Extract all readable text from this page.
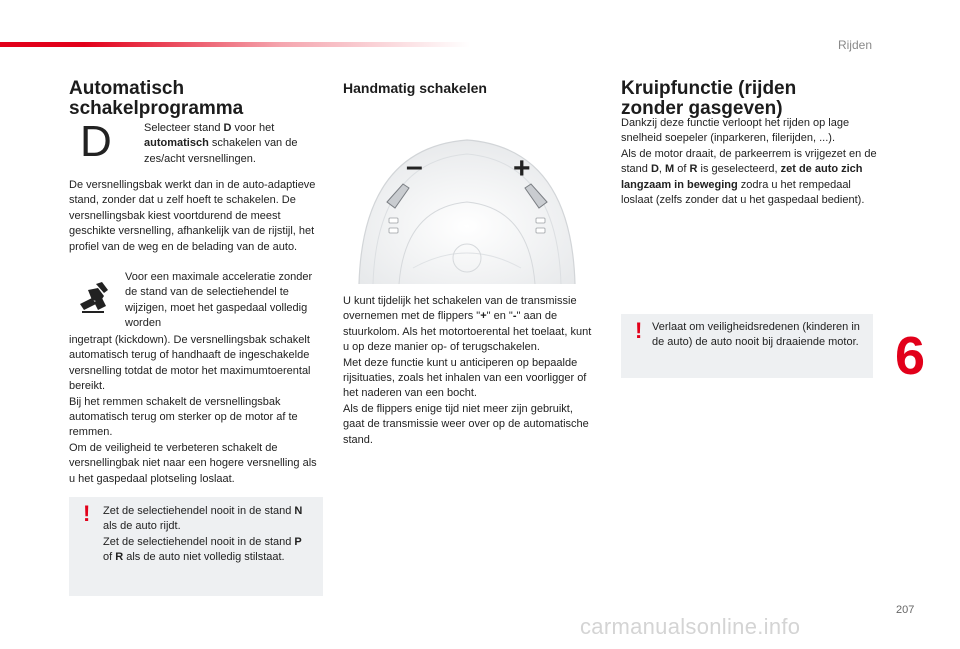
Rijden
6
207
carmanualsonline.info
Automatisch
schakelprogramma
D	Selecteer stand D voor het automatisch schakelen van de zes/acht versnellingen.
De versnellingsbak werkt dan in de auto-adaptieve stand, zonder dat u zelf hoeft te schakelen. De versnellingsbak kiest voortdurend de meest geschikte versnelling, afhankelijk van de rijstijl, het profiel van de weg en de belading van de auto.
Voor een maximale acceleratie zonder de stand van de selectiehendel te wijzigen, moet het gaspedaal volledig worden
ingetrapt (kickdown). De versnellingsbak schakelt automatisch terug of handhaaft de ingeschakelde versnelling totdat de motor het maximumtoerental bereikt.
Bij het remmen schakelt de versnellingsbak automatisch terug om sterker op de motor af te remmen.
Om de veiligheid te verbeteren schakelt de versnellingbak niet naar een hogere versnelling als u het gaspedaal plotseling loslaat.
! Zet de selectiehendel nooit in de stand N als de auto rijdt.
Zet de selectiehendel nooit in de stand P of R als de auto niet volledig stilstaat.
Handmatig schakelen
–	+
U kunt tijdelijk het schakelen van de transmissie overnemen met de flippers "+" en "-" aan de stuurkolom. Als het motortoerental het toelaat, kunt u op deze manier op- of terugschakelen.
Met deze functie kunt u anticiperen op bepaalde rijsituaties, zoals het inhalen van een voorligger of het naderen van een bocht.
Als de flippers enige tijd niet meer zijn gebruikt, gaat de transmissie weer over op de automatische stand.
Kruipfunctie (rijden
zonder gasgeven)
Dankzij deze functie verloopt het rijden op lage snelheid soepeler (inparkeren, filerijden, ...).
Als de motor draait, de parkeerrem is vrijgezet en de stand D, M of R is geselecteerd, zet de auto zich langzaam in beweging zodra u het rempedaal loslaat (zelfs zonder dat u het gaspedaal bedient).
! Verlaat om veiligheidsredenen (kinderen in de auto) de auto nooit bij draaiende motor.
